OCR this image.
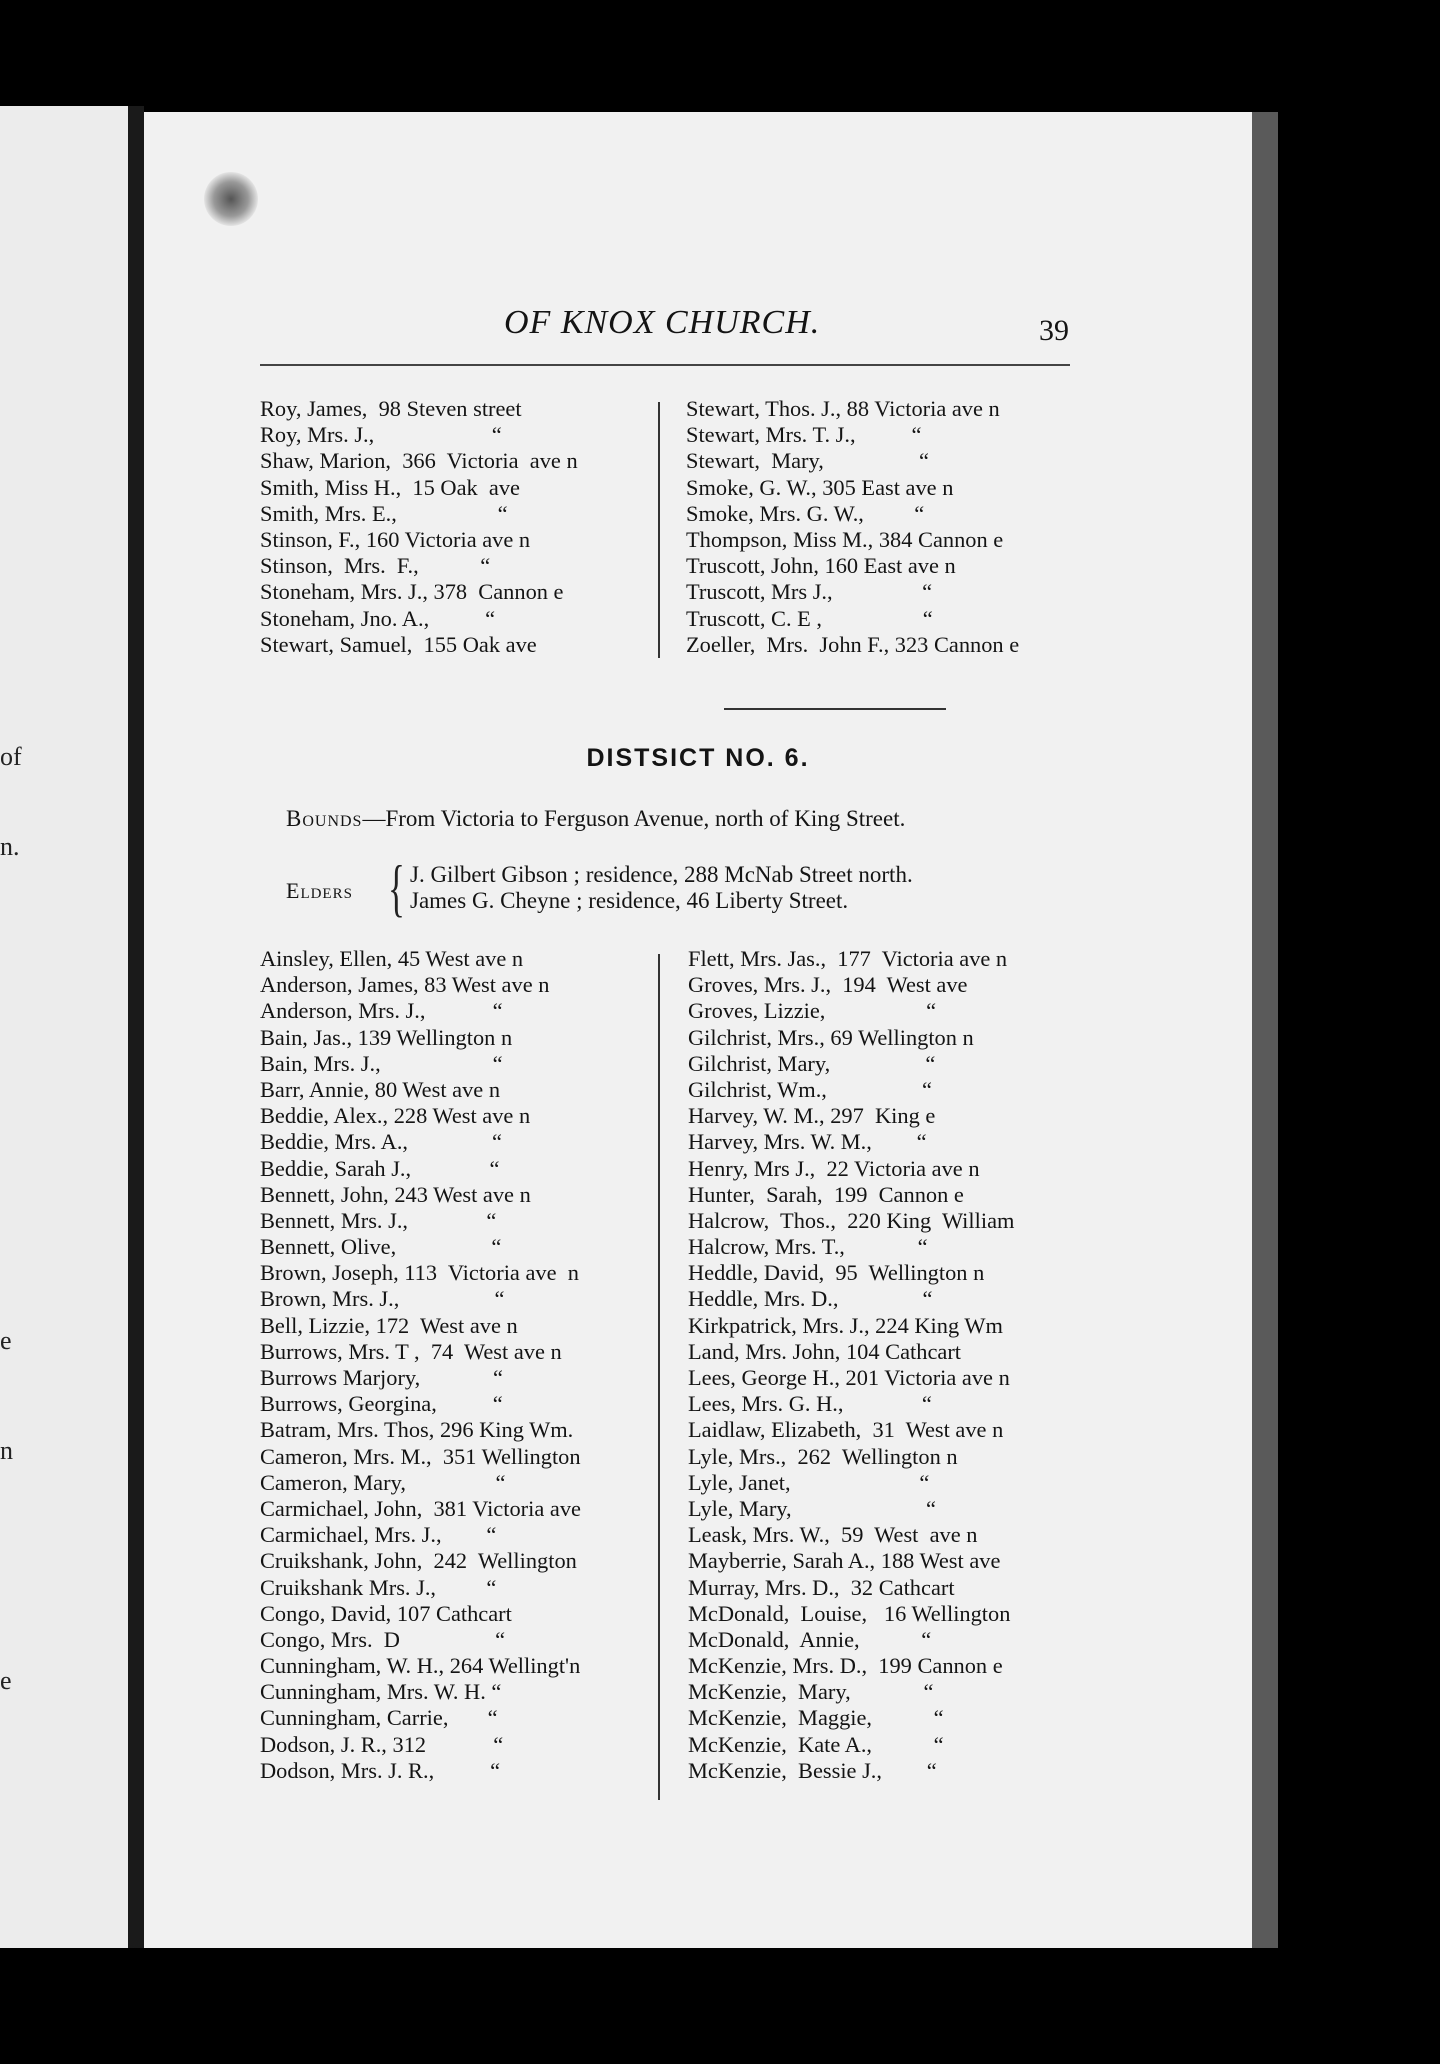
of
n.
e
n
e
OF KNOX CHURCH.	39
Roy, James,  98 Steven street
Roy, Mrs. J.,                     “
Shaw, Marion,  366  Victoria  ave n
Smith, Miss H.,  15 Oak  ave
Smith, Mrs. E.,                  “
Stinson, F., 160 Victoria ave n
Stinson,  Mrs.  F.,           “
Stoneham, Mrs. J., 378  Cannon e
Stoneham, Jno. A.,          “
Stewart, Samuel,  155 Oak ave
Stewart, Thos. J., 88 Victoria ave n
Stewart, Mrs. T. J.,          “
Stewart,  Mary,                 “
Smoke, G. W., 305 East ave n
Smoke, Mrs. G. W.,         “
Thompson, Miss M., 384 Cannon e
Truscott, John, 160 East ave n
Truscott, Mrs J.,                “
Truscott, C. E ,                  “
Zoeller,  Mrs.  John F., 323 Cannon e
DISTSICT NO. 6.
Bounds—From Victoria to Ferguson Avenue, north of King Street.
Elders { J. Gilbert Gibson ; residence, 288 McNab Street north.
James G. Cheyne ; residence, 46 Liberty Street.
Ainsley, Ellen, 45 West ave n
Anderson, James, 83 West ave n
Anderson, Mrs. J.,            “
Bain, Jas., 139 Wellington n
Bain, Mrs. J.,                    “
Barr, Annie, 80 West ave n
Beddie, Alex., 228 West ave n
Beddie, Mrs. A.,               “
Beddie, Sarah J.,              “
Bennett, John, 243 West ave n
Bennett, Mrs. J.,              “
Bennett, Olive,                 “
Brown, Joseph, 113  Victoria ave  n
Brown, Mrs. J.,                 “
Bell, Lizzie, 172  West ave n
Burrows, Mrs. T ,  74  West ave n
Burrows Marjory,             “
Burrows, Georgina,          “
Batram, Mrs. Thos, 296 King Wm.
Cameron, Mrs. M.,  351 Wellington
Cameron, Mary,                “
Carmichael, John,  381 Victoria ave
Carmichael, Mrs. J.,        “
Cruikshank, John,  242  Wellington
Cruikshank Mrs. J.,         “
Congo, David, 107 Cathcart
Congo, Mrs.  D                 “
Cunningham, W. H., 264 Wellingt'n
Cunningham, Mrs. W. H. “
Cunningham, Carrie,       “
Dodson, J. R., 312            “
Dodson, Mrs. J. R.,          “
Flett, Mrs. Jas.,  177  Victoria ave n
Groves, Mrs. J.,  194  West ave
Groves, Lizzie,                  “
Gilchrist, Mrs., 69 Wellington n
Gilchrist, Mary,                 “
Gilchrist, Wm.,                 “
Harvey, W. M., 297  King e
Harvey, Mrs. W. M.,        “
Henry, Mrs J.,  22 Victoria ave n
Hunter,  Sarah,  199  Cannon e
Halcrow,  Thos.,  220 King  William
Halcrow, Mrs. T.,             “
Heddle, David,  95  Wellington n
Heddle, Mrs. D.,               “
Kirkpatrick, Mrs. J., 224 King Wm
Land, Mrs. John, 104 Cathcart
Lees, George H., 201 Victoria ave n
Lees, Mrs. G. H.,              “
Laidlaw, Elizabeth,  31  West ave n
Lyle, Mrs.,  262  Wellington n
Lyle, Janet,                       “
Lyle, Mary,                        “
Leask, Mrs. W.,  59  West  ave n
Mayberrie, Sarah A., 188 West ave
Murray, Mrs. D.,  32 Cathcart
McDonald,  Louise,   16 Wellington
McDonald,  Annie,           “
McKenzie, Mrs. D.,  199 Cannon e
McKenzie,  Mary,             “
McKenzie,  Maggie,           “
McKenzie,  Kate A.,           “
McKenzie,  Bessie J.,        “
